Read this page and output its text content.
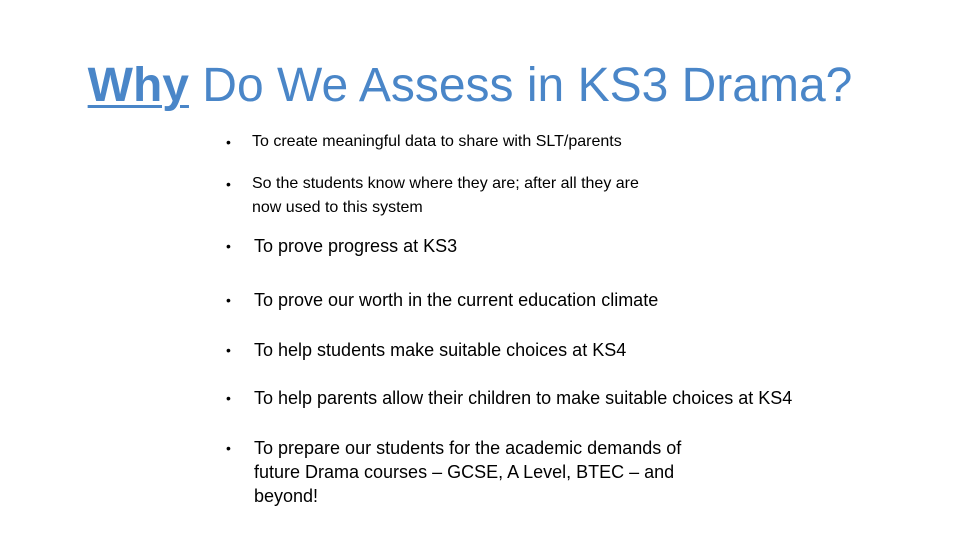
•	To create meaningful data to share with SLT/parents
•	So the students know where they are; after all they are now used to this system
•	To prove progress at KS3
•	To prove our worth in the current education climate
•	To help students make suitable choices at KS4
•	To help parents allow their children to make suitable choices at KS4
•	To prepare our students for the academic demands of future Drama courses – GCSE, A Level, BTEC – and beyond!
Why Do We Assess in KS3 Drama?
